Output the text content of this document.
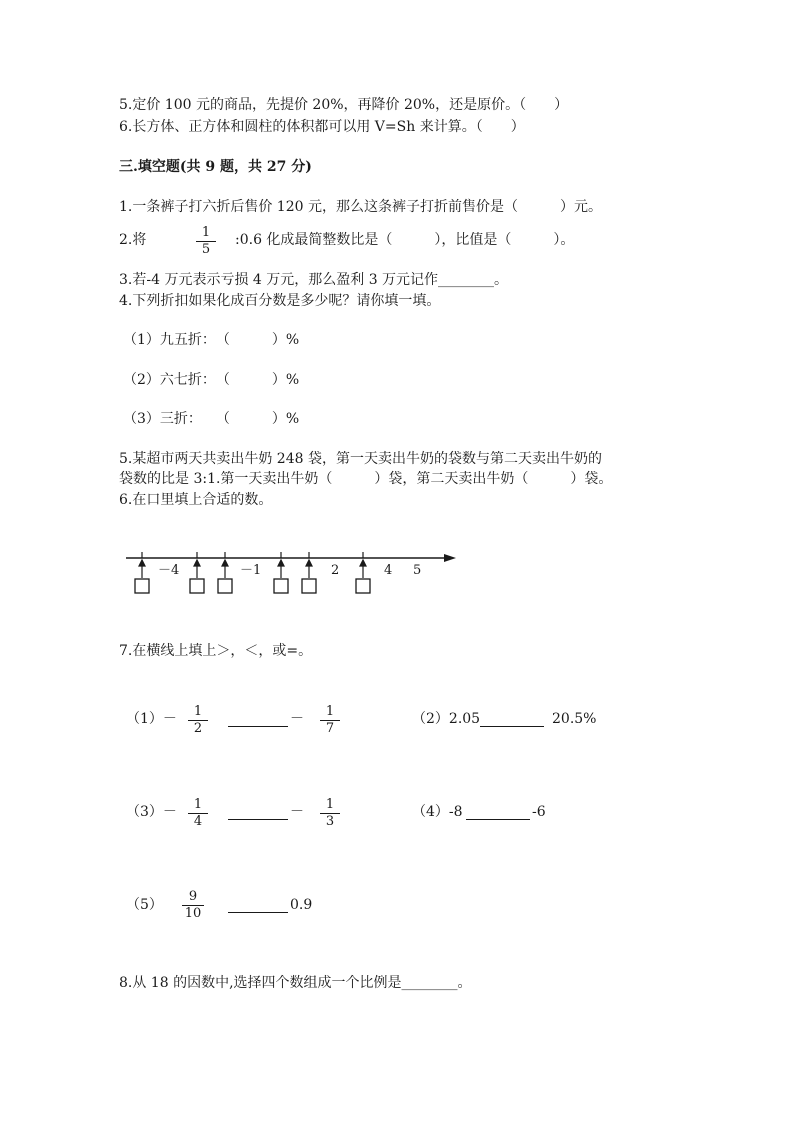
5.定价 100 元的商品，先提价 20%，再降价 20%，还是原价。（　　）
6.长方体、正方体和圆柱的体积都可以用 V=Sh 来计算。（　　）
三.填空题(共 9 题，共 27 分)
1.一条裤子打六折后售价 120 元，那么这条裤子打折前售价是（　　　）元。
2.将	$\frac{1}{5}$ :0.6 化成最简整数比是（　　　），比值是（　　　）。
3.若-4 万元表示亏损 4 万元，那么盈利 3 万元记作________。
4.下列折扣如果化成百分数是多少呢？请你填一填。
（1）九五折：　（　　　）%
（2）六七折：　（　　　）%
（3）三折：　　（　　　）%
5.某超市两天共卖出牛奶 248 袋，第一天卖出牛奶的袋数与第二天卖出牛奶的
袋数的比是 3:1.第一天卖出牛奶（　　　）袋，第二天卖出牛奶（　　　）袋。
6.在口里填上合适的数。
－4	－1	2	4 5
7.在横线上填上＞，＜，或=。
$(1)- \frac{1}{2}$	－ $\frac{1}{7}$	（2）2.05	20.5%
$(3)- \frac{1}{4}$	－ $\frac{1}{3}$	（4）-8	-6
$(5) \frac{9}{10}$	0.9
8.从 18 的因数中,选择四个数组成一个比例是________。
